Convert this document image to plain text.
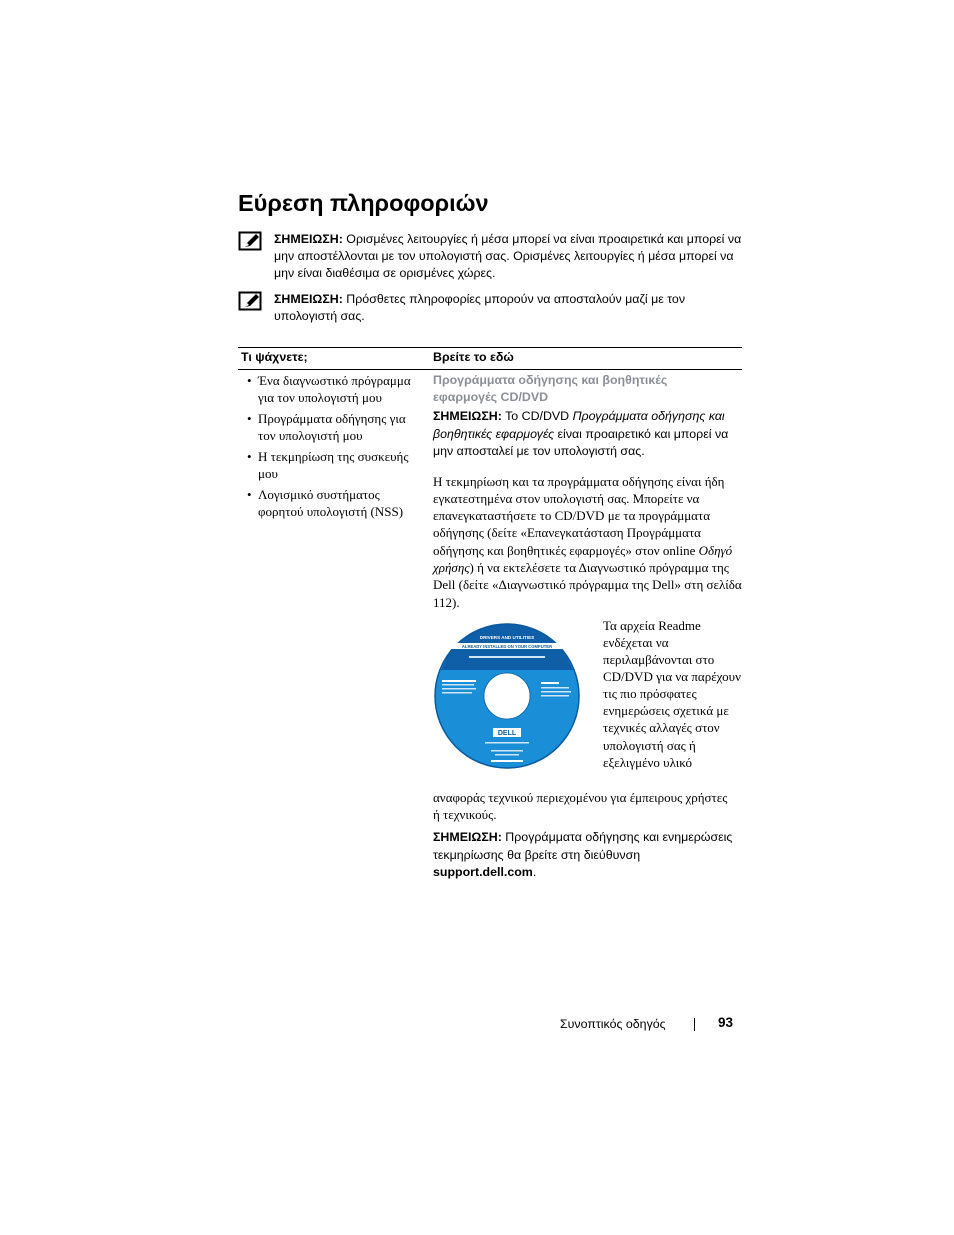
Εύρεση πληροφοριών
ΣΗΜΕΙΩΣΗ: Ορισμένες λειτουργίες ή μέσα μπορεί να είναι προαιρετικά και μπορεί να μην αποστέλλονται με τον υπολογιστή σας. Ορισμένες λειτουργίες ή μέσα μπορεί να μην είναι διαθέσιμα σε ορισμένες χώρες.
ΣΗΜΕΙΩΣΗ: Πρόσθετες πληροφορίες μπορούν να αποσταλούν μαζί με τον υπολογιστή σας.
Τι ψάχνετε;	Βρείτε το εδώ
• Ένα διαγνωστικό πρόγραμμα για τον υπολογιστή μου
• Προγράμματα οδήγησης για τον υπολογιστή μου
• Η τεκμηρίωση της συσκευής μου
• Λογισμικό συστήματος φορητού υπολογιστή (NSS)
Προγράμματα οδήγησης και βοηθητικές εφαρμογές CD/DVD
ΣΗΜΕΙΩΣΗ: Το CD/DVD Προγράμματα οδήγησης και βοηθητικές εφαρμογές είναι προαιρετικό και μπορεί να μην αποσταλεί με τον υπολογιστή σας.
Η τεκμηρίωση και τα προγράμματα οδήγησης είναι ήδη εγκατεστημένα στον υπολογιστή σας. Μπορείτε να επανεγκαταστήσετε το CD/DVD με τα προγράμματα οδήγησης (δείτε «Επανεγκατάσταση Προγράμματα οδήγησης και βοηθητικές εφαρμογές» στον online Οδηγό χρήσης) ή να εκτελέσετε τα Διαγνωστικό πρόγραμμα της Dell (δείτε «Διαγνωστικό πρόγραμμα της Dell» στη σελίδα 112).
DRIVERS AND UTILITIES
ALREADY INSTALLED ON YOUR COMPUTER
DELL
Τα αρχεία Readme ενδέχεται να περιλαμβάνονται στο CD/DVD για να παρέχουν τις πιο πρόσφατες ενημερώσεις σχετικά με τεχνικές αλλαγές στον υπολογιστή σας ή εξελιγμένο υλικό
αναφοράς τεχνικού περιεχομένου για έμπειρους χρήστες ή τεχνικούς.
ΣΗΜΕΙΩΣΗ: Προγράμματα οδήγησης και ενημερώσεις τεκμηρίωσης θα βρείτε στη διεύθυνση support.dell.com.
Συνοπτικός οδηγός	93
